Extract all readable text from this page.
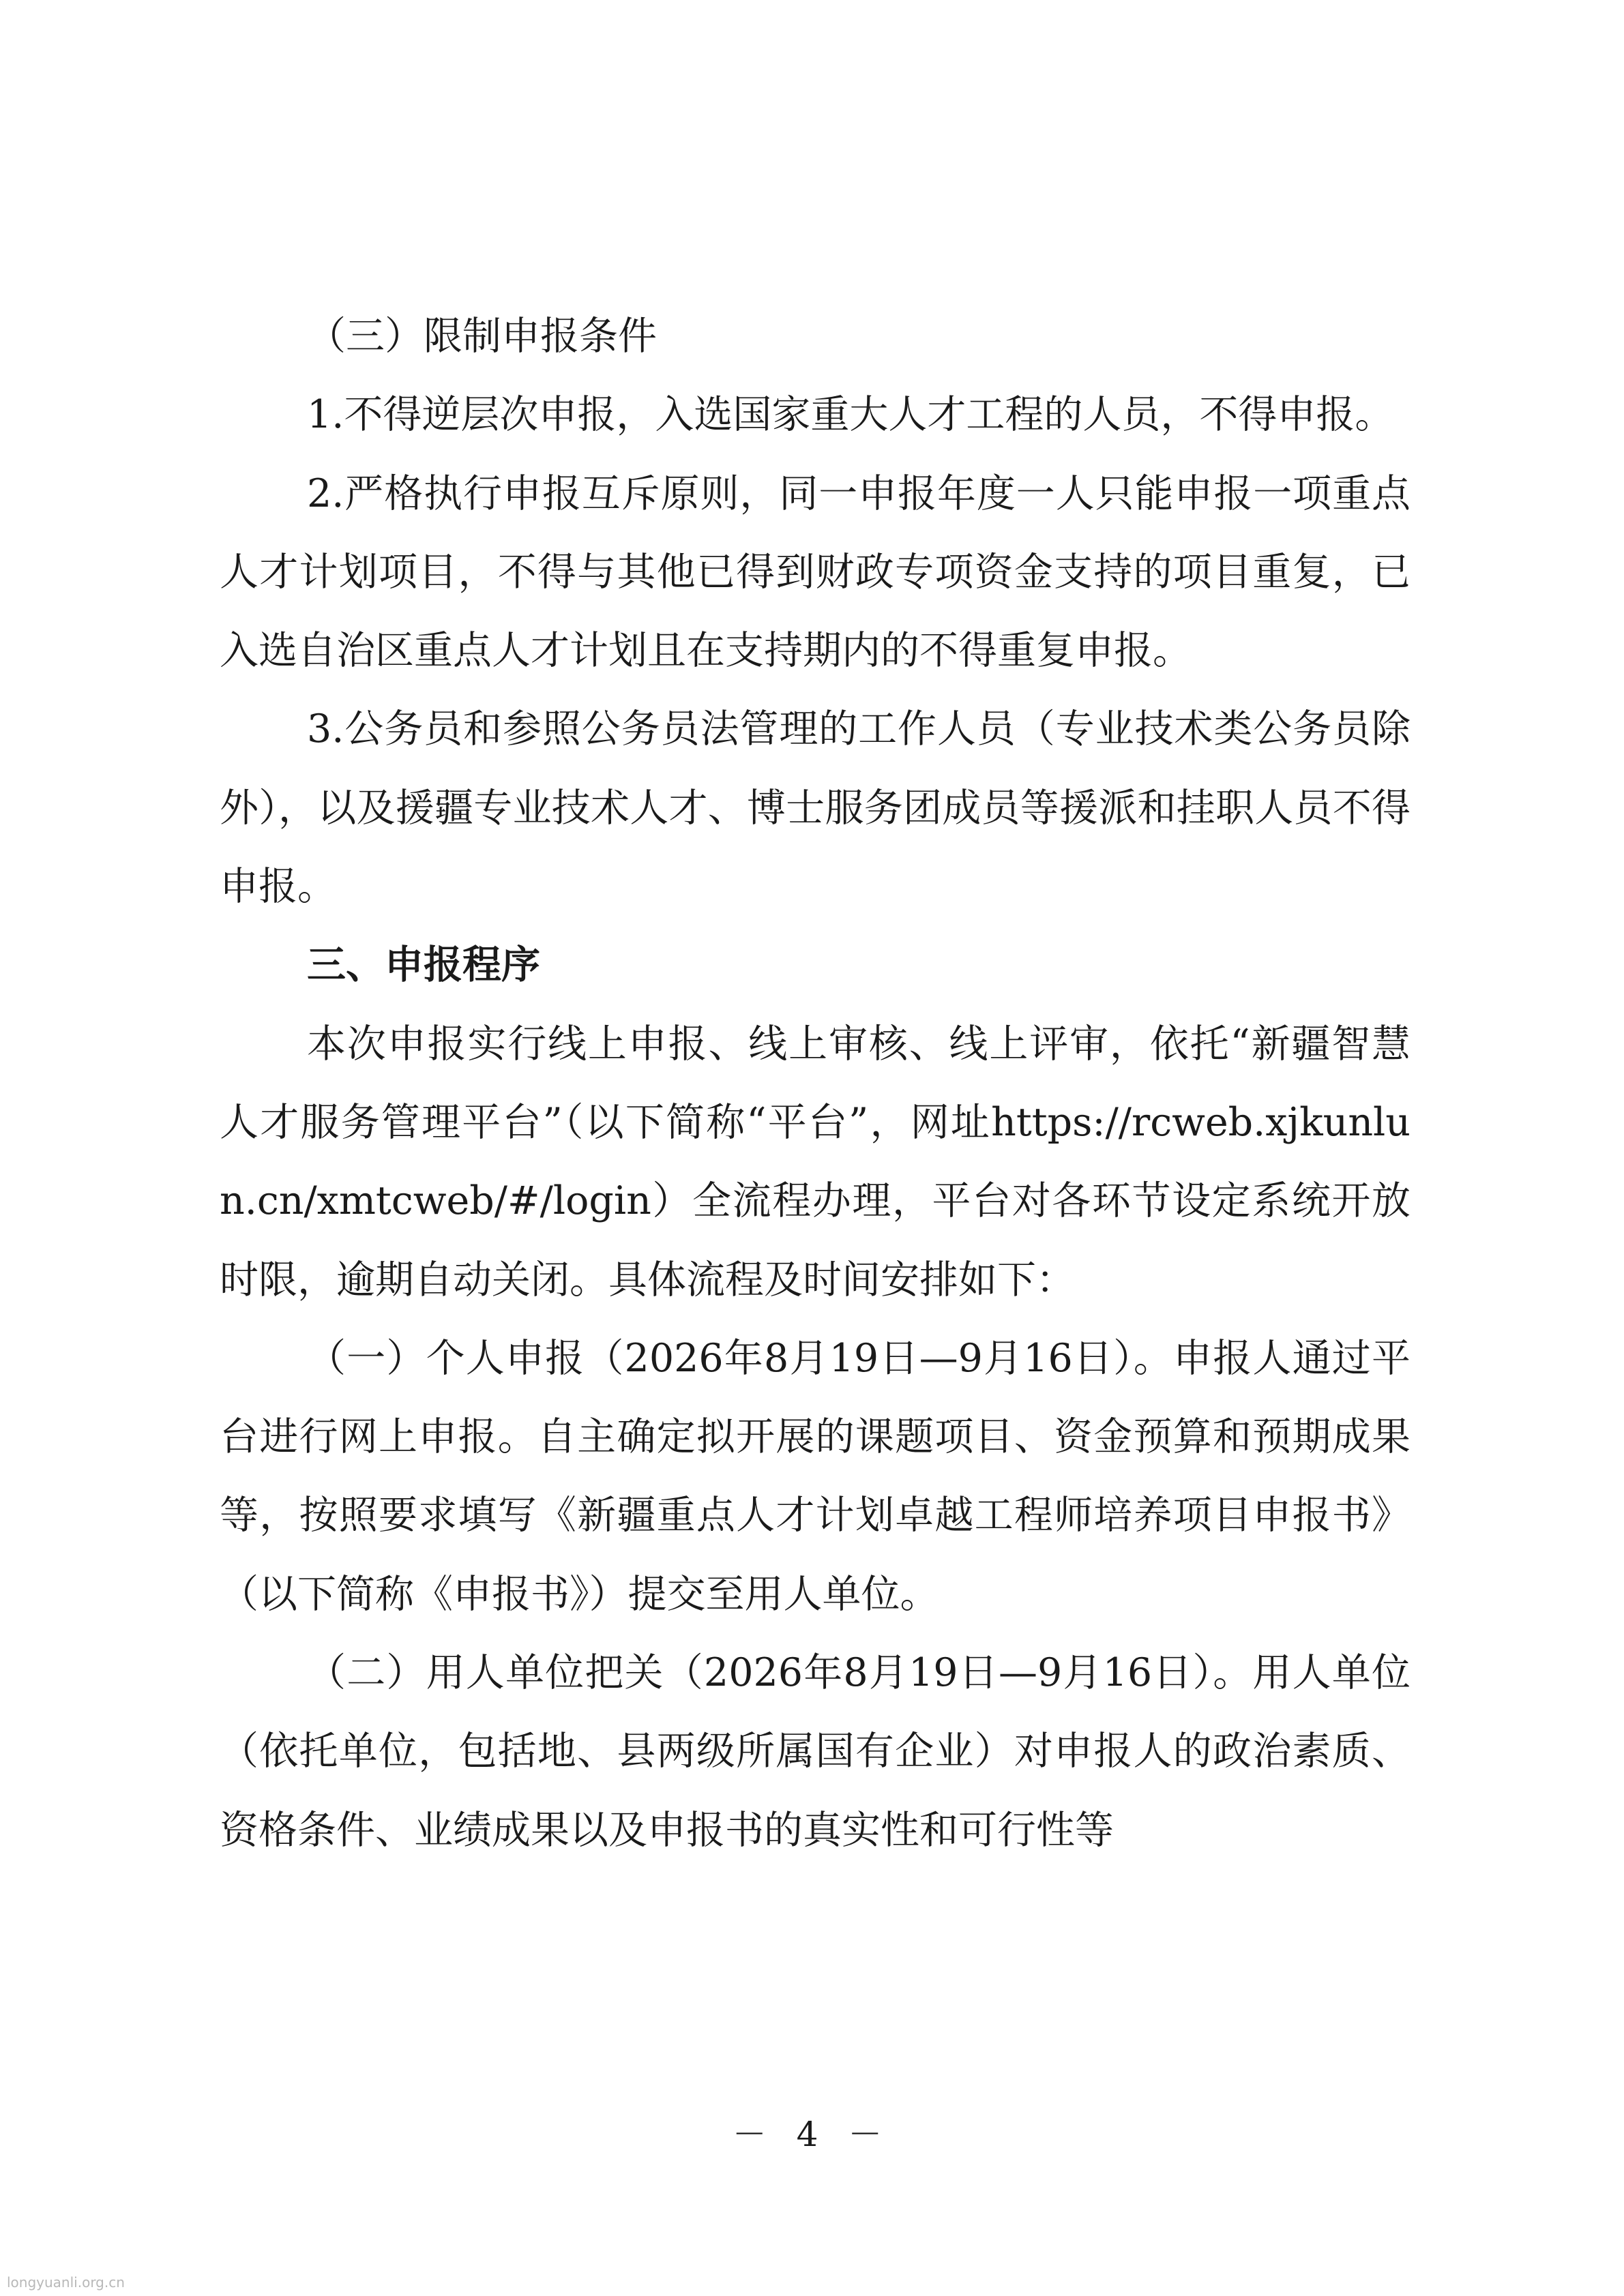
（三）限制申报条件

1.不得逆层次申报，入选国家重大人才工程的人员，不得申报。

2.严格执行申报互斥原则，同一申报年度一人只能申报一项重点人才计划项目，不得与其他已得到财政专项资金支持的项目重复，已入选自治区重点人才计划且在支持期内的不得重复申报。

3.公务员和参照公务员法管理的工作人员（专业技术类公务员除外），以及援疆专业技术人才、博士服务团成员等援派和挂职人员不得申报。

三、申报程序

本次申报实行线上申报、线上审核、线上评审，依托“新疆智慧人才服务管理平台”（以下简称“平台”，网址https://rcweb.xjkunlun.cn/xmtcweb/#/login）全流程办理，平台对各环节设定系统开放时限，逾期自动关闭。具体流程及时间安排如下：

（一）个人申报（2026年8月19日—9月16日）。申报人通过平台进行网上申报。自主确定拟开展的课题项目、资金预算和预期成果等，按照要求填写《新疆重点人才计划卓越工程师培养项目申报书》（以下简称《申报书》）提交至用人单位。

（二）用人单位把关（2026年8月19日—9月16日）。用人单位（依托单位，包括地、县两级所属国有企业）对申报人的政治素质、资格条件、业绩成果以及申报书的真实性和可行性等

－ 4 －
longyuanli.org.cn
